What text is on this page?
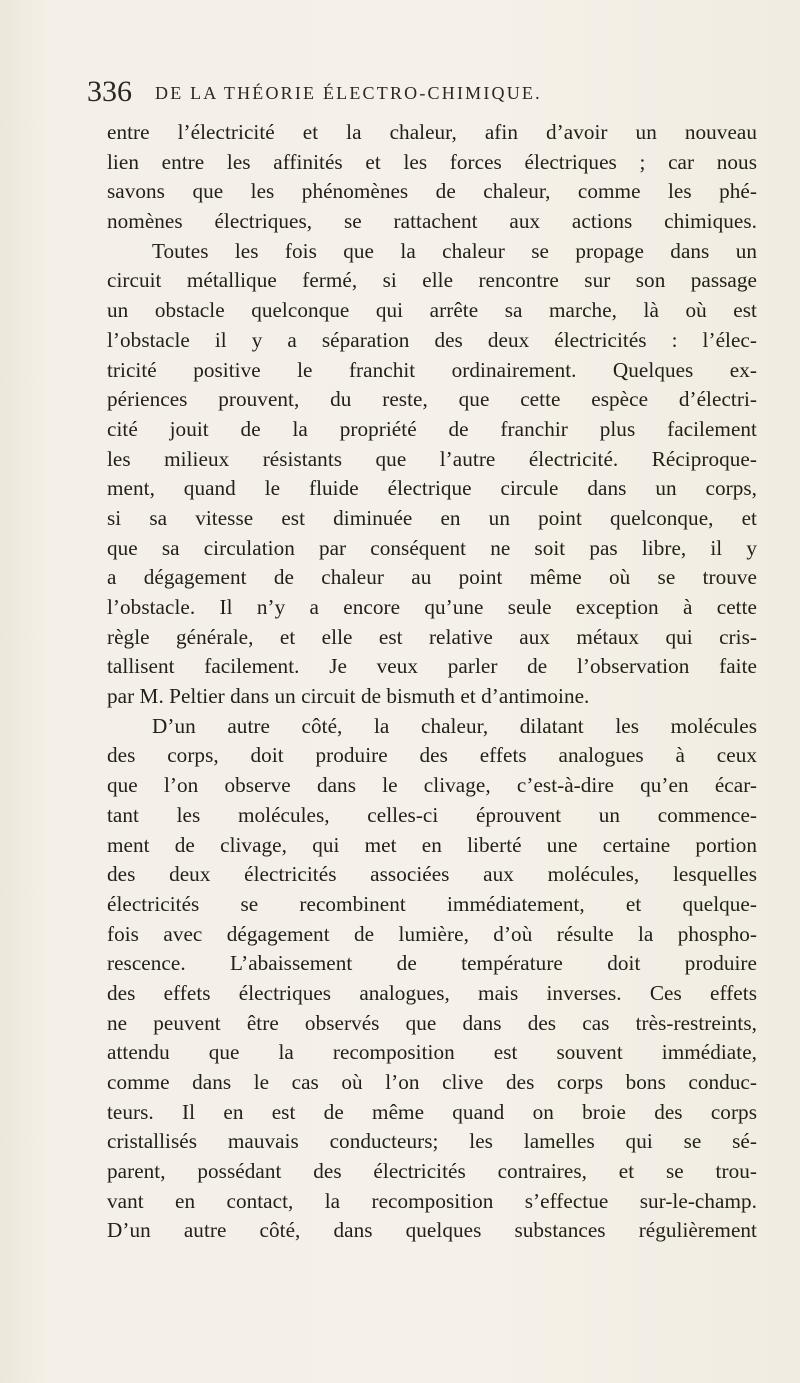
336 DE LA THÉORIE ÉLECTRO-CHIMIQUE.
entre l’électricité et la chaleur, afin d’avoir un nouveau
lien entre les affinités et les forces électriques ; car nous
savons que les phénomènes de chaleur, comme les phé-
nomènes électriques, se rattachent aux actions chimiques.
Toutes les fois que la chaleur se propage dans un
circuit métallique fermé, si elle rencontre sur son passage
un obstacle quelconque qui arrête sa marche, là où est
l’obstacle il y a séparation des deux électricités : l’élec-
tricité positive le franchit ordinairement. Quelques ex-
périences prouvent, du reste, que cette espèce d’électri-
cité jouit de la propriété de franchir plus facilement
les milieux résistants que l’autre électricité. Réciproque-
ment, quand le fluide électrique circule dans un corps,
si sa vitesse est diminuée en un point quelconque, et
que sa circulation par conséquent ne soit pas libre, il y
a dégagement de chaleur au point même où se trouve
l’obstacle. Il n’y a encore qu’une seule exception à cette
règle générale, et elle est relative aux métaux qui cris-
tallisent facilement. Je veux parler de l’observation faite
par M. Peltier dans un circuit de bismuth et d’antimoine.
D’un autre côté, la chaleur, dilatant les molécules
des corps, doit produire des effets analogues à ceux
que l’on observe dans le clivage, c’est-à-dire qu’en écar-
tant les molécules, celles-ci éprouvent un commence-
ment de clivage, qui met en liberté une certaine portion
des deux électricités associées aux molécules, lesquelles
électricités se recombinent immédiatement, et quelque-
fois avec dégagement de lumière, d’où résulte la phospho-
rescence. L’abaissement de température doit produire
des effets électriques analogues, mais inverses. Ces effets
ne peuvent être observés que dans des cas très-restreints,
attendu que la recomposition est souvent immédiate,
comme dans le cas où l’on clive des corps bons conduc-
teurs. Il en est de même quand on broie des corps
cristallisés mauvais conducteurs; les lamelles qui se sé-
parent, possédant des électricités contraires, et se trou-
vant en contact, la recomposition s’effectue sur-le-champ.
D’un autre côté, dans quelques substances régulièrement
